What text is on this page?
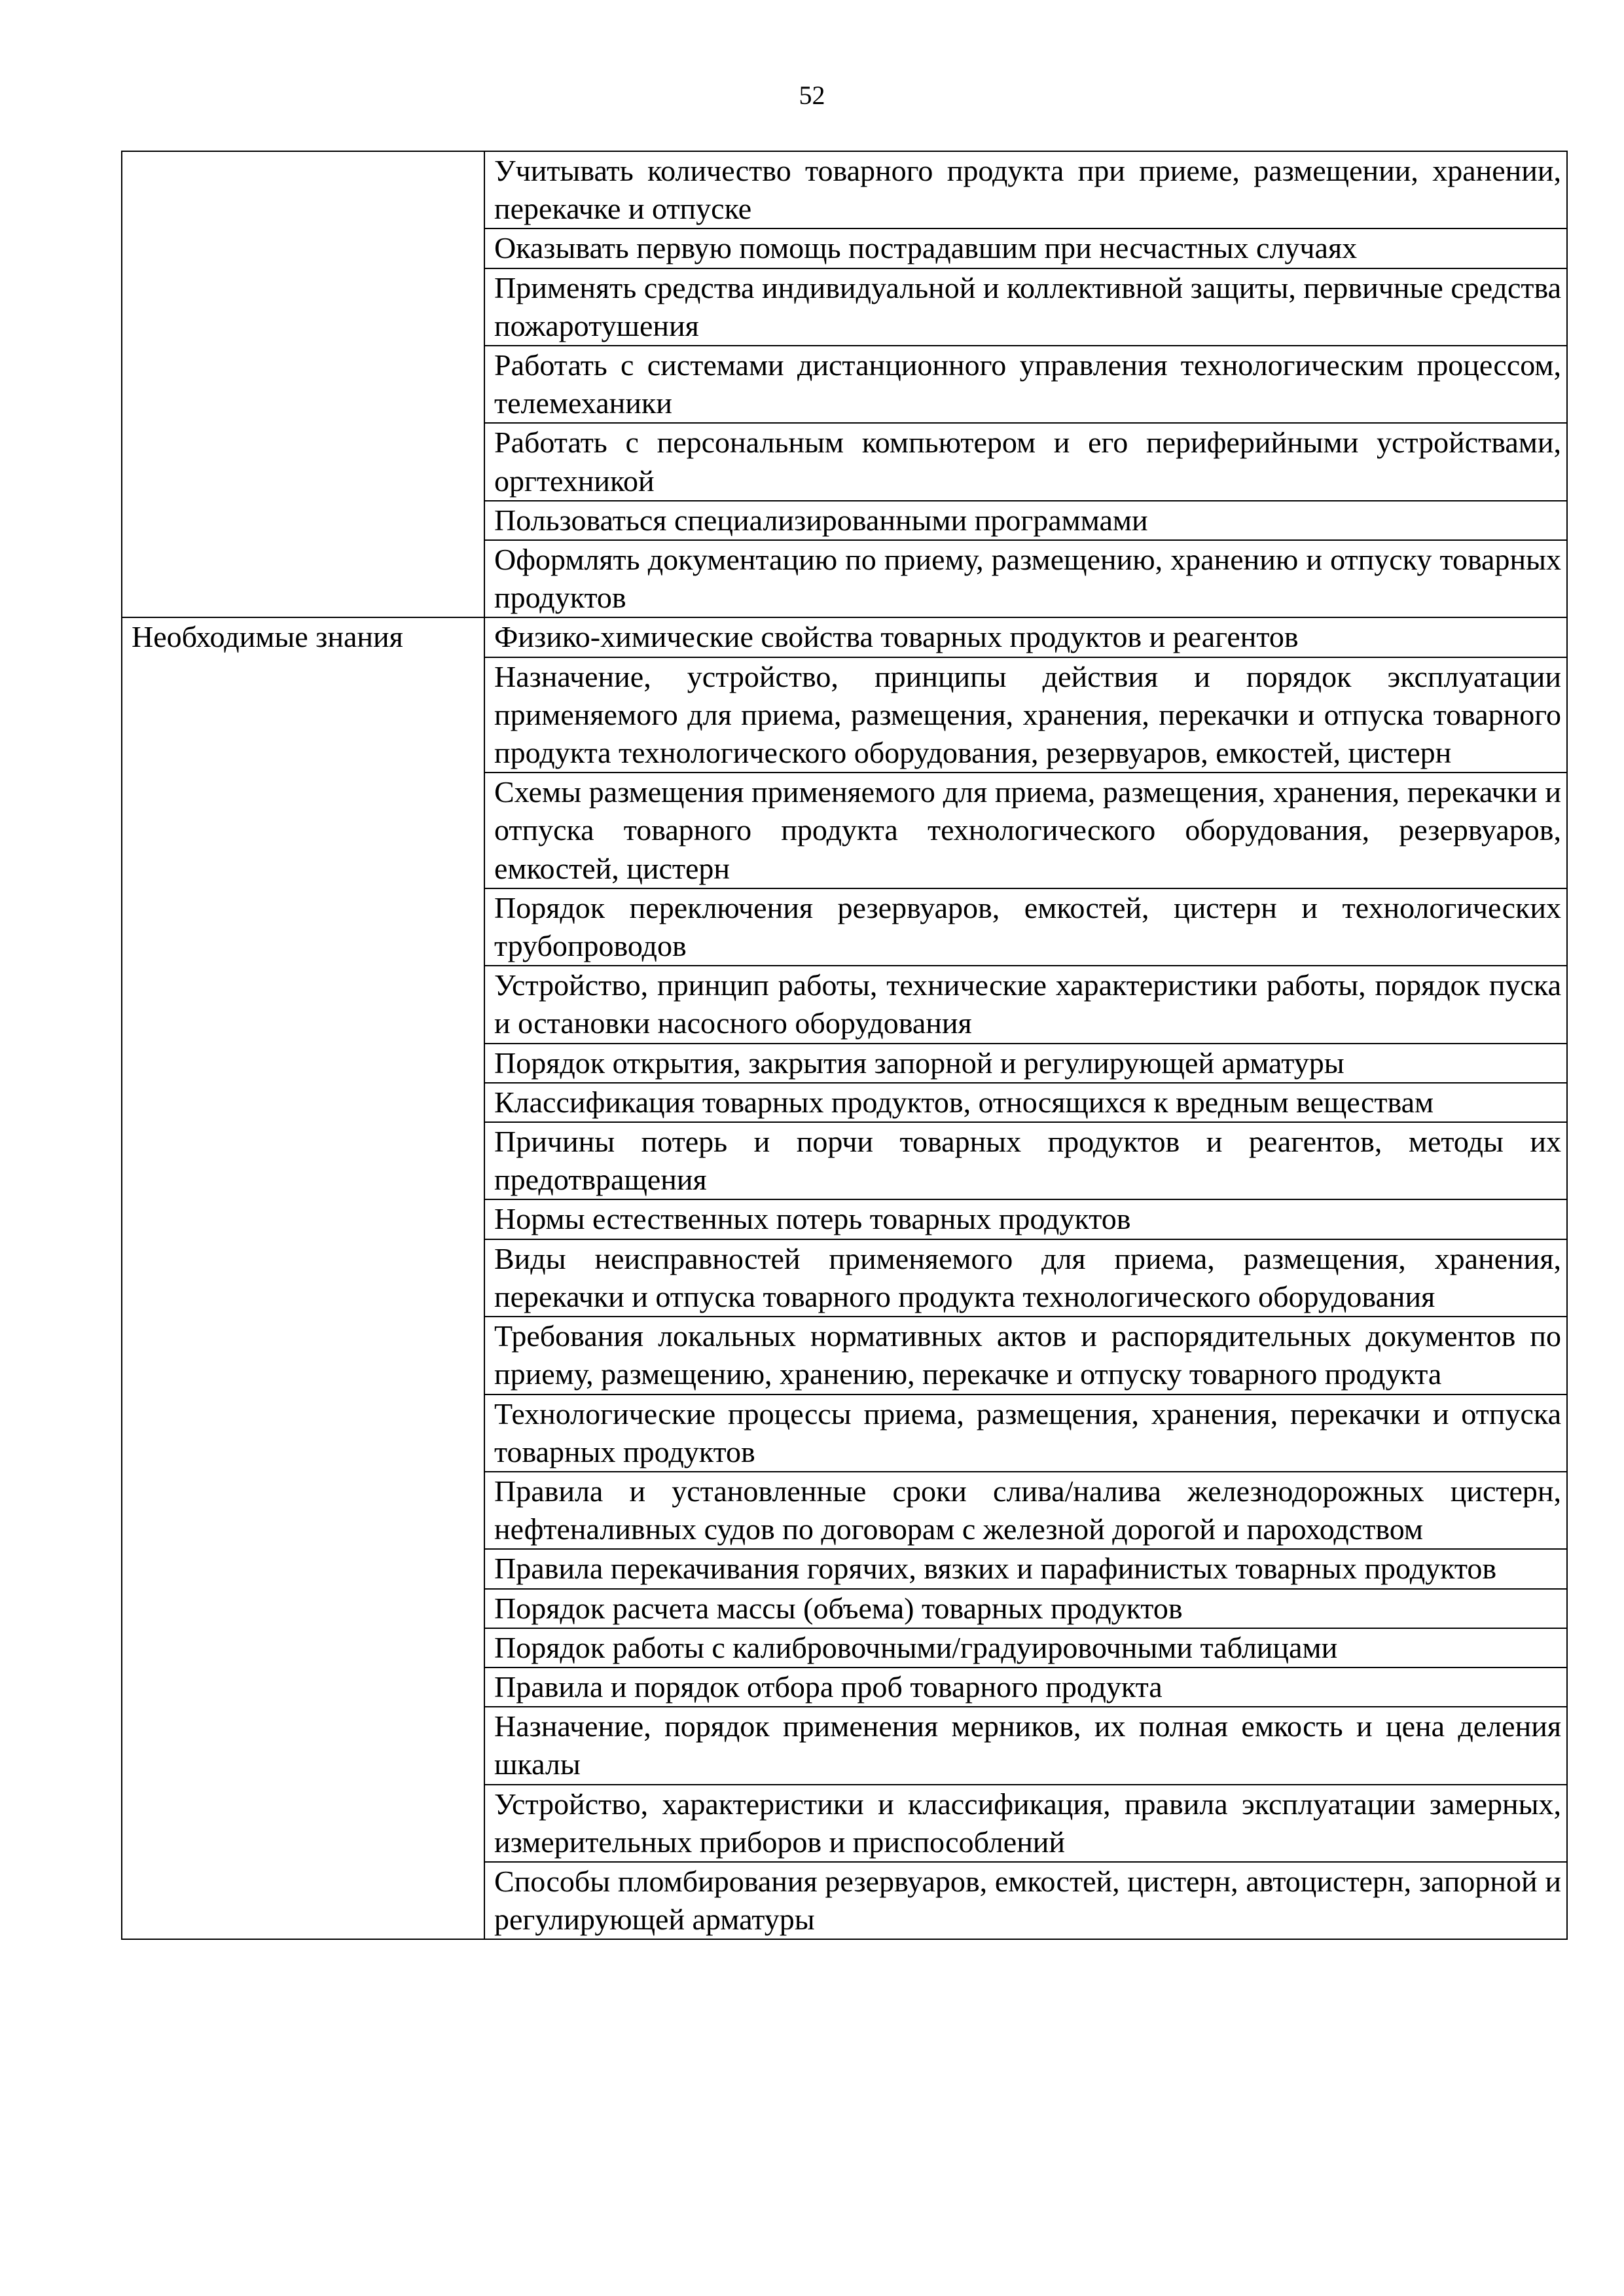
52
	Учитывать количество товарного продукта при приеме, размещении, хранении, перекачке и отпуске
	Оказывать первую помощь пострадавшим при несчастных случаях
	Применять средства индивидуальной и коллективной защиты, первичные средства пожаротушения
	Работать с системами дистанционного управления технологическим процессом, телемеханики
	Работать с персональным компьютером и его периферийными устройствами, оргтехникой
	Пользоваться специализированными программами
	Оформлять документацию по приему, размещению, хранению и отпуску товарных продуктов
Необходимые знания	Физико-химические свойства товарных продуктов и реагентов
	Назначение, устройство, принципы действия и порядок эксплуатации применяемого для приема, размещения, хранения, перекачки и отпуска товарного продукта технологического оборудования, резервуаров, емкостей, цистерн
	Схемы размещения применяемого для приема, размещения, хранения, перекачки и отпуска товарного продукта технологического оборудования, резервуаров, емкостей, цистерн
	Порядок переключения резервуаров, емкостей, цистерн и технологических трубопроводов
	Устройство, принцип работы, технические характеристики работы, порядок пуска и остановки насосного оборудования
	Порядок открытия, закрытия запорной и регулирующей арматуры
	Классификация товарных продуктов, относящихся к вредным веществам
	Причины потерь и порчи товарных продуктов и реагентов, методы их предотвращения
	Нормы естественных потерь товарных продуктов
	Виды неисправностей применяемого для приема, размещения, хранения, перекачки и отпуска товарного продукта технологического оборудования
	Требования локальных нормативных актов и распорядительных документов по приему, размещению, хранению, перекачке и отпуску товарного продукта
	Технологические процессы приема, размещения, хранения, перекачки и отпуска товарных продуктов
	Правила и установленные сроки слива/налива железнодорожных цистерн, нефтеналивных судов по договорам с железной дорогой и пароходством
	Правила перекачивания горячих, вязких и парафинистых товарных продуктов
	Порядок расчета массы (объема) товарных продуктов
	Порядок работы с калибровочными/градуировочными таблицами
	Правила и порядок отбора проб товарного продукта
	Назначение, порядок применения мерников, их полная емкость и цена деления шкалы
	Устройство, характеристики и классификация, правила эксплуатации замерных, измерительных приборов и приспособлений
	Способы пломбирования резервуаров, емкостей, цистерн, автоцистерн, запорной и регулирующей арматуры
